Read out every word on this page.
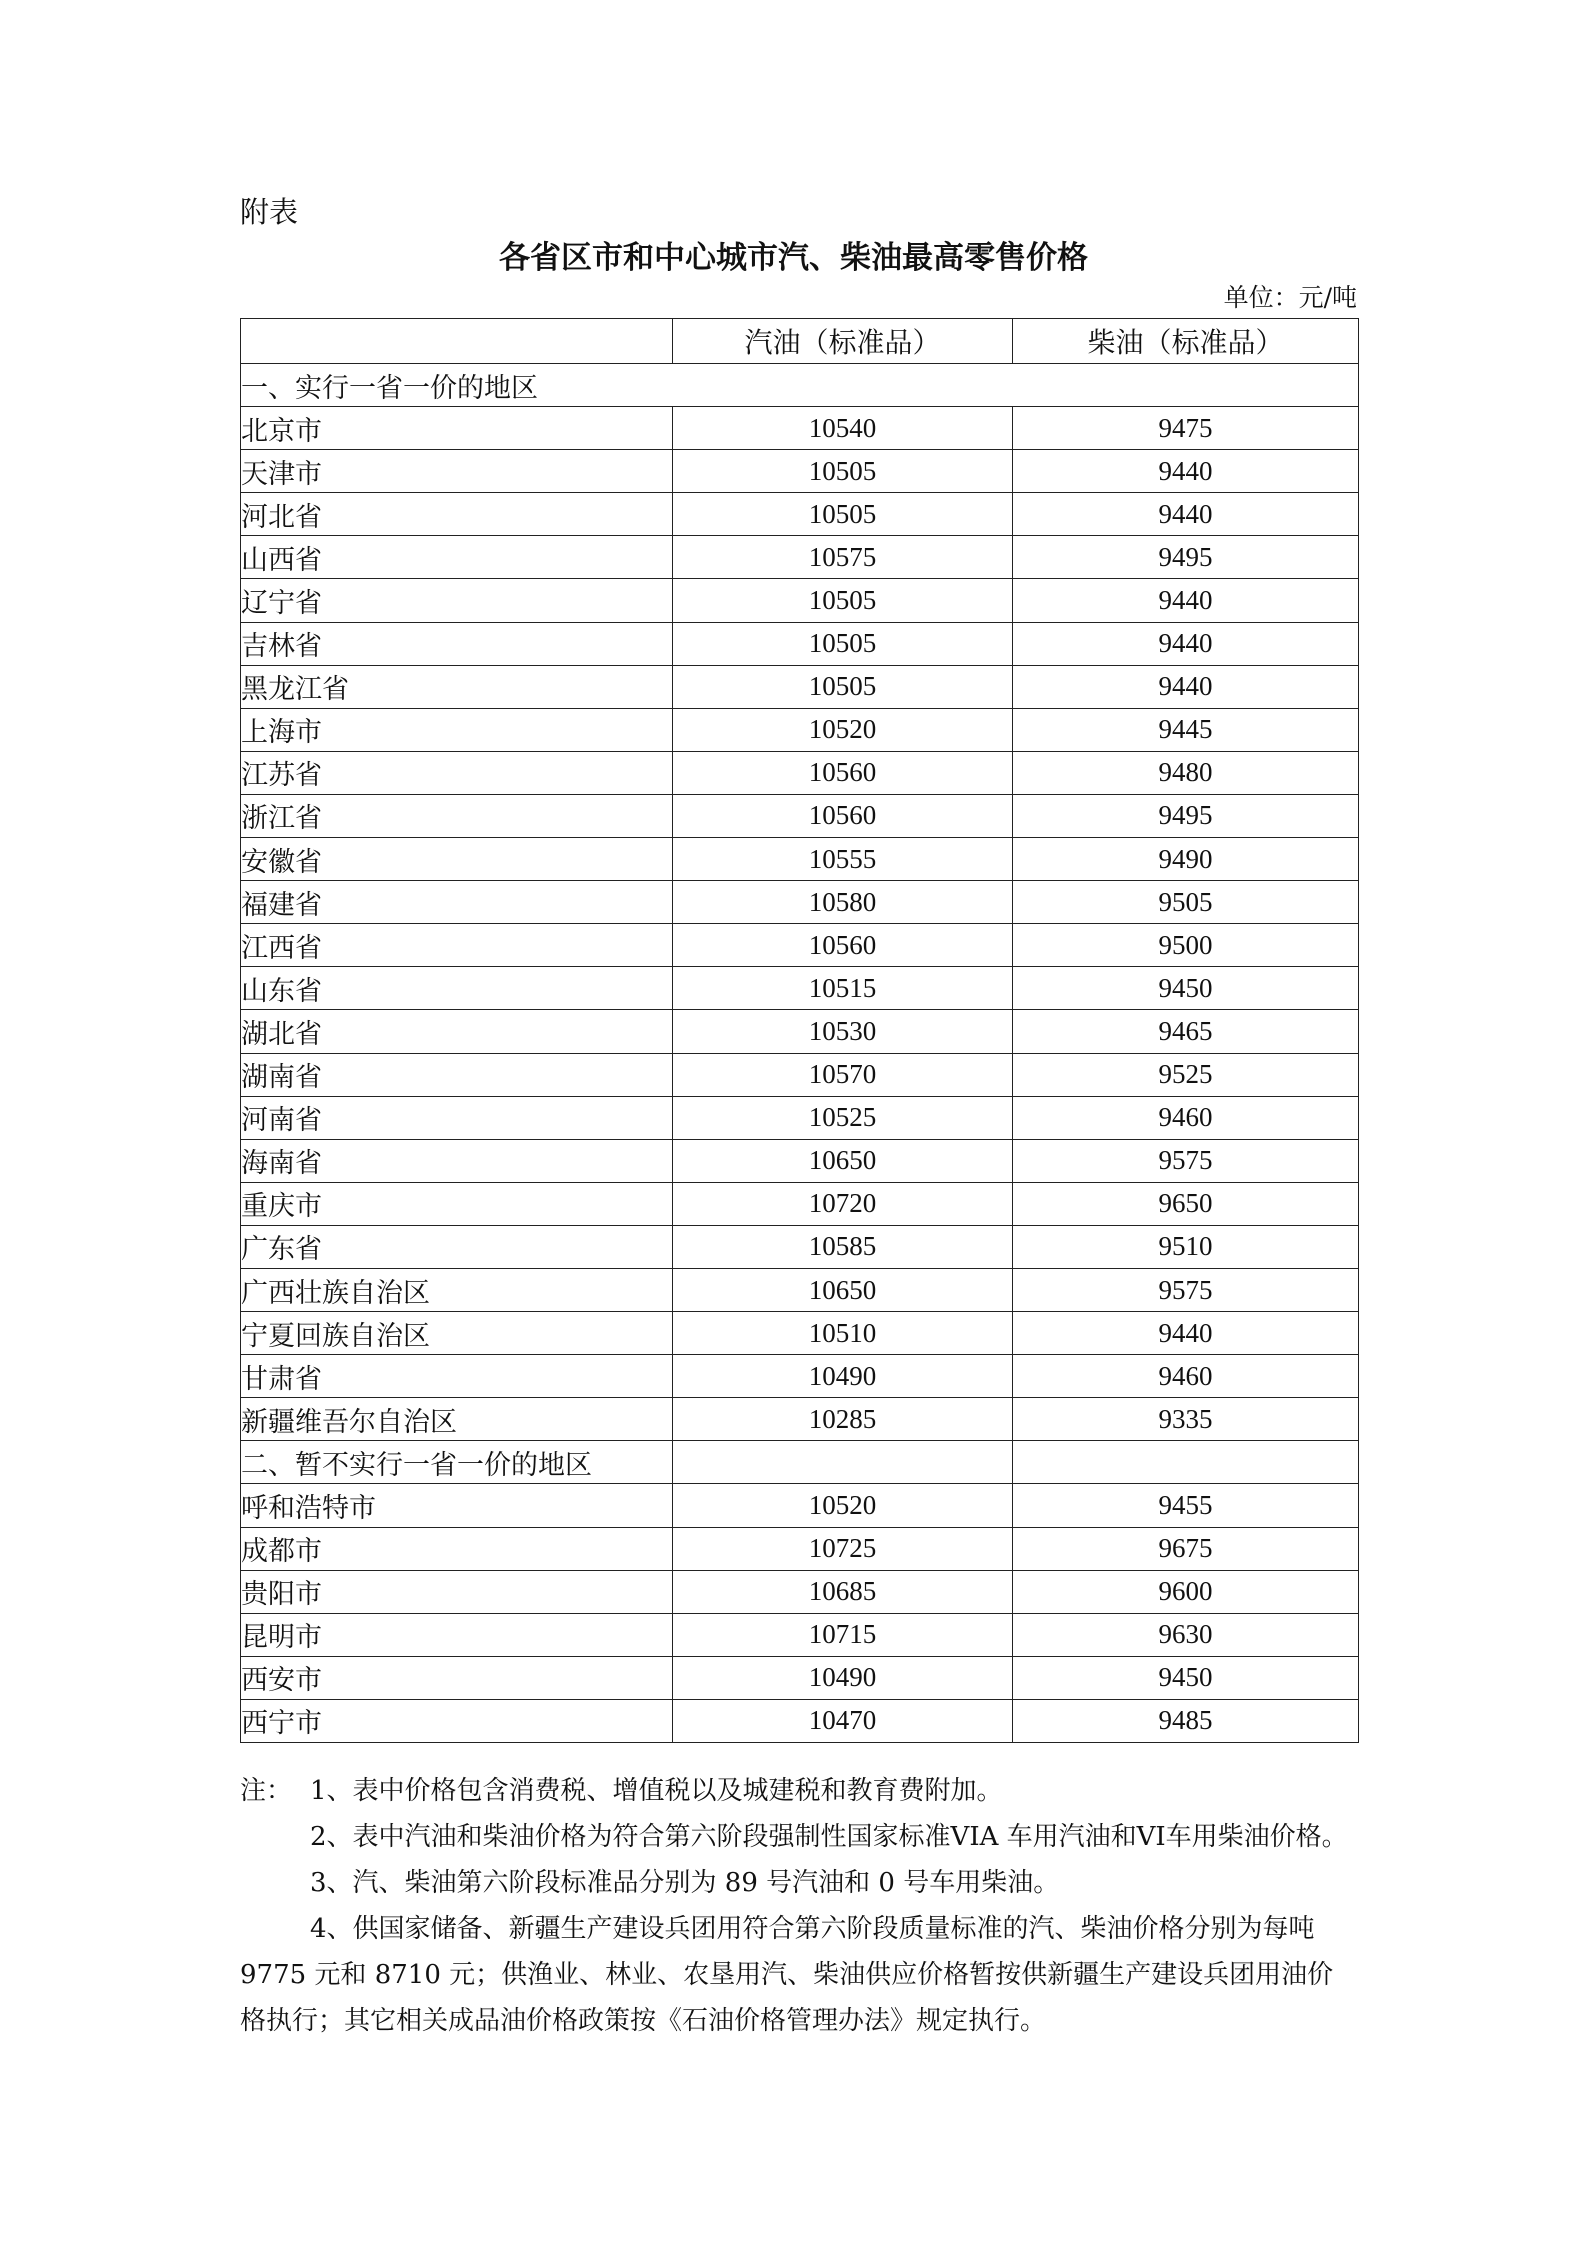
附表
各省区市和中心城市汽、柴油最高零售价格
单位：元/吨
	汽油（标准品）	柴油（标准品）
一、实行一省一价的地区		
北京市	10540	9475
天津市	10505	9440
河北省	10505	9440
山西省	10575	9495
辽宁省	10505	9440
吉林省	10505	9440
黑龙江省	10505	9440
上海市	10520	9445
江苏省	10560	9480
浙江省	10560	9495
安徽省	10555	9490
福建省	10580	9505
江西省	10560	9500
山东省	10515	9450
湖北省	10530	9465
湖南省	10570	9525
河南省	10525	9460
海南省	10650	9575
重庆市	10720	9650
广东省	10585	9510
广西壮族自治区	10650	9575
宁夏回族自治区	10510	9440
甘肃省	10490	9460
新疆维吾尔自治区	10285	9335
二、暂不实行一省一价的地区		
呼和浩特市	10520	9455
成都市	10725	9675
贵阳市	10685	9600
昆明市	10715	9630
西安市	10490	9450
西宁市	10470	9485

注： 1、表中价格包含消费税、增值税以及城建税和教育费附加。

2、表中汽油和柴油价格为符合第六阶段强制性国家标准VIA 车用汽油和VI车用柴油价格。

3、汽、柴油第六阶段标准品分别为 89 号汽油和 0 号车用柴油。

4、供国家储备、新疆生产建设兵团用符合第六阶段质量标准的汽、柴油价格分别为每吨 9775 元和 8710 元；供渔业、林业、农垦用汽、柴油供应价格暂按供新疆生产建设兵团用油价格执行；其它相关成品油价格政策按《石油价格管理办法》规定执行。
